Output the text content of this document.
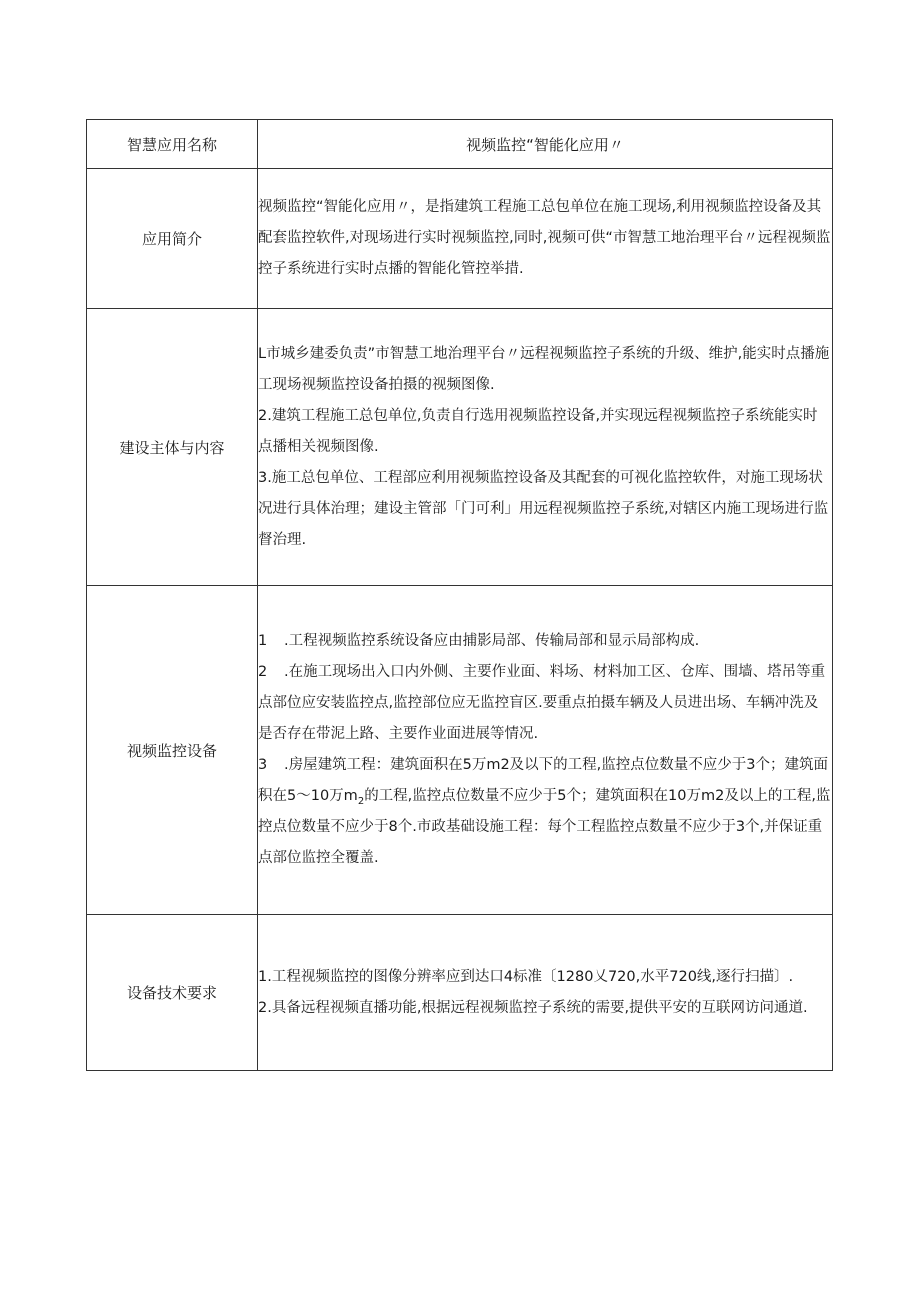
智慧应用名称	视频监控“智能化应用〃
应用简介	视频监控“智能化应用〃，是指建筑工程施工总包单位在施工现场,利用视频监控设备及其配套监控软件,对现场进行实时视频监控,同时,视频可供“市智慧工地治理平台〃远程视频监控子系统进行实时点播的智能化管控举措.

建设主体与内容	L市城乡建委负责”市智慧工地治理平台〃远程视频监控子系统的升级、维护,能实时点播施工现场视频监控设备拍摄的视频图像.

2.建筑工程施工总包单位,负责自行选用视频监控设备,并实现远程视频监控子系统能实时点播相关视频图像.

3.施工总包单位、工程部应利用视频监控设备及其配套的可视化监控软件，对施工现场状况进行具体治理；建设主管部「门可利」用远程视频监控子系统,对辖区内施工现场进行监督治理.

视频监控设备	1 .工程视频监控系统设备应由捕影局部、传输局部和显示局部构成.

2 .在施工现场出入口内外侧、主要作业面、料场、材料加工区、仓库、围墙、塔吊等重点部位应安装监控点,监控部位应无监控盲区.要重点拍摄车辆及人员进出场、车辆冲洗及是否存在带泥上路、主要作业面进展等情况.

3 .房屋建筑工程：建筑面积在5万m2及以下的工程,监控点位数量不应少于3个；建筑面积在5〜10万$m_2$的工程,监控点位数量不应少于5个；建筑面积在10万m2及以上的工程,监控点位数量不应少于8个.市政基础设施工程：每个工程监控点数量不应少于3个,并保证重点部位监控全覆盖.

设备技术要求	1.工程视频监控的图像分辨率应到达口4标准〔1280乂720,水平720线,逐行扫描〕.

2.具备远程视频直播功能,根据远程视频监控子系统的需要,提供平安的互联网访问通道.
